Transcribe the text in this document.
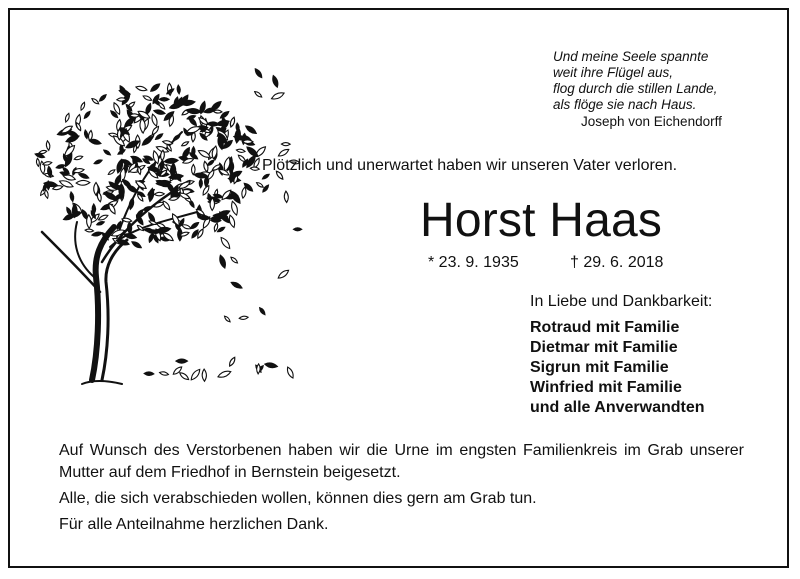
Und meine Seele spannte
weit ihre Flügel aus,
flog durch die stillen Lande,
als flöge sie nach Haus.
Joseph von Eichendorff
Plötzlich und unerwartet haben wir unseren Vater verloren.
Horst Haas
* 23. 9. 1935	† 29. 6. 2018
In Liebe und Dankbarkeit:
Rotraud mit Familie
Dietmar mit Familie
Sigrun mit Familie
Winfried mit Familie
und alle Anverwandten
Auf Wunsch des Verstorbenen haben wir die Urne im engsten Familienkreis im Grab unserer Mutter auf dem Friedhof in Bernstein beigesetzt.
Alle, die sich verabschieden wollen, können dies gern am Grab tun.
Für alle Anteilnahme herzlichen Dank.
